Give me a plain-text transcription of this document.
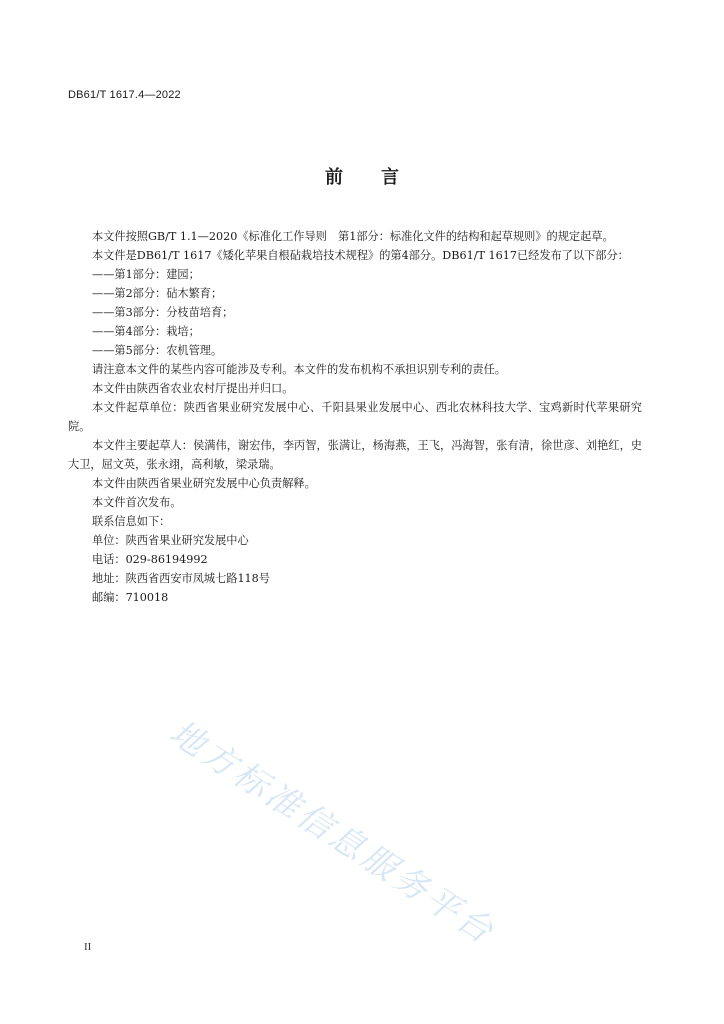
DB61/T 1617.4—2022
前言

本文件按照GB/T 1.1—2020《标准化工作导则　第1部分：标准化文件的结构和起草规则》的规定起草。

本文件是DB61/T 1617《矮化苹果自根砧栽培技术规程》的第4部分。DB61/T 1617已经发布了以下部分：

——第1部分：建园；

——第2部分：砧木繁育；

——第3部分：分枝苗培育；

——第4部分：栽培；

——第5部分：农机管理。

请注意本文件的某些内容可能涉及专利。本文件的发布机构不承担识别专利的责任。

本文件由陕西省农业农村厅提出并归口。

本文件起草单位：陕西省果业研究发展中心、千阳县果业发展中心、西北农林科技大学、宝鸡新时代苹果研究院。

本文件主要起草人：侯满伟，谢宏伟，李丙智，张满让，杨海燕，王飞，冯海智，张有清，徐世彦、刘艳红，史大卫，屈文英，张永翊，高利敏，梁录瑞。

本文件由陕西省果业研究发展中心负责解释。

本文件首次发布。

联系信息如下：

单位：陕西省果业研究发展中心

电话：029-86194992

地址：陕西省西安市凤城七路118号

邮编：710018

地方标准信息服务平台
II
